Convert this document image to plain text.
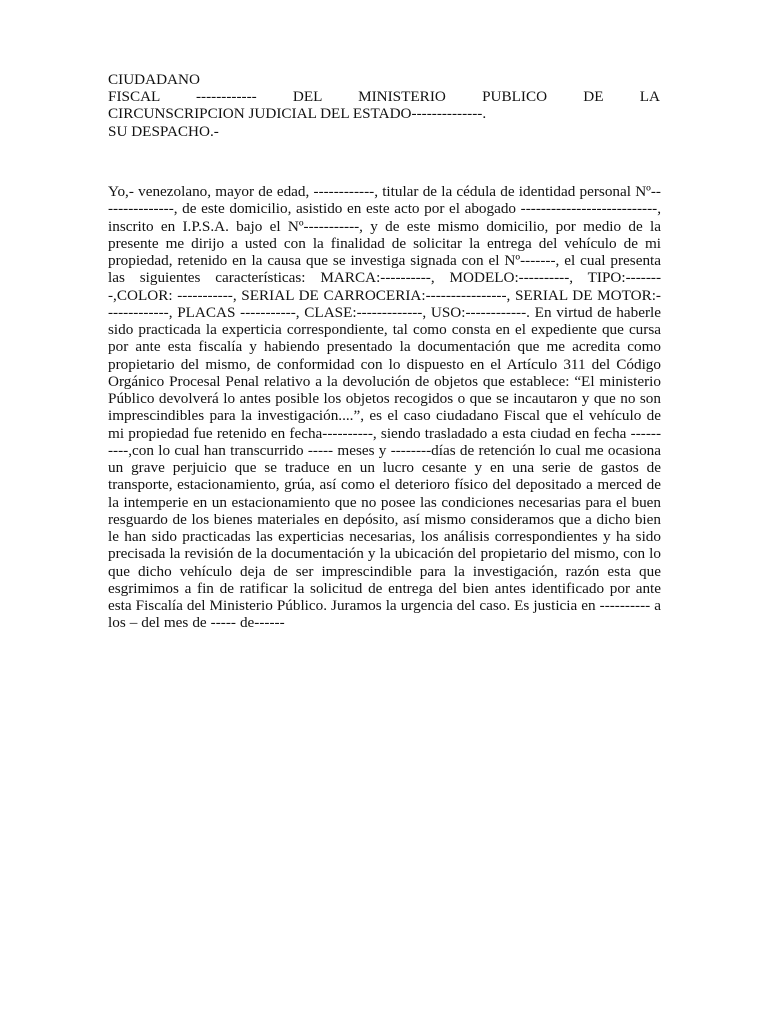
CIUDADANO
FISCAL ------------ DEL MINISTERIO PUBLICO DE LA
CIRCUNSCRIPCION JUDICIAL DEL ESTADO--------------.
SU DESPACHO.-

Yo,- venezolano, mayor de edad, ------------, titular de la cédula de identidad personal Nº---------------, de este domicilio, asistido en este acto por el abogado ---------------------------, inscrito en I.P.S.A. bajo el Nº-----------, y de este mismo domicilio, por medio de la presente me dirijo a usted con la finalidad de solicitar la entrega del vehículo de mi propiedad, retenido en la causa que se investiga signada con el Nº-------, el cual presenta las siguientes características: MARCA:----------, MODELO:----------, TIPO:--------,COLOR: -----------, SERIAL DE CARROCERIA:----------------, SERIAL DE MOTOR:-------------, PLACAS -----------, CLASE:-------------, USO:------------. En virtud de haberle sido practicada la experticia correspondiente, tal como consta en el expediente que cursa por ante esta fiscalía y habiendo presentado la documentación que me acredita como propietario del mismo, de conformidad con lo dispuesto en el Artículo 311 del Código Orgánico Procesal Penal relativo a la devolución de objetos que establece: “El ministerio Público devolverá lo antes posible los objetos recogidos o que se incautaron y que no son imprescindibles para la investigación....”, es el caso ciudadano Fiscal que el vehículo de mi propiedad fue retenido en fecha----------, siendo trasladado a esta ciudad en fecha ----------,con lo cual han transcurrido ----- meses y --------días de retención lo cual me ocasiona un grave perjuicio que se traduce en un lucro cesante y en una serie de gastos de transporte, estacionamiento, grúa, así como el deterioro físico del depositado a merced de la intemperie en un estacionamiento que no posee las condiciones necesarias para el buen resguardo de los bienes materiales en depósito, así mismo consideramos que a dicho bien le han sido practicadas las experticias necesarias, los análisis correspondientes y ha sido precisada la revisión de la documentación y la ubicación del propietario del mismo, con lo que dicho vehículo deja de ser imprescindible para la investigación, razón esta que esgrimimos a fin de ratificar la solicitud de entrega del bien antes identificado por ante esta Fiscalía del Ministerio Público. Juramos la urgencia del caso. Es justicia en ---------- a los – del mes de ----- de------
